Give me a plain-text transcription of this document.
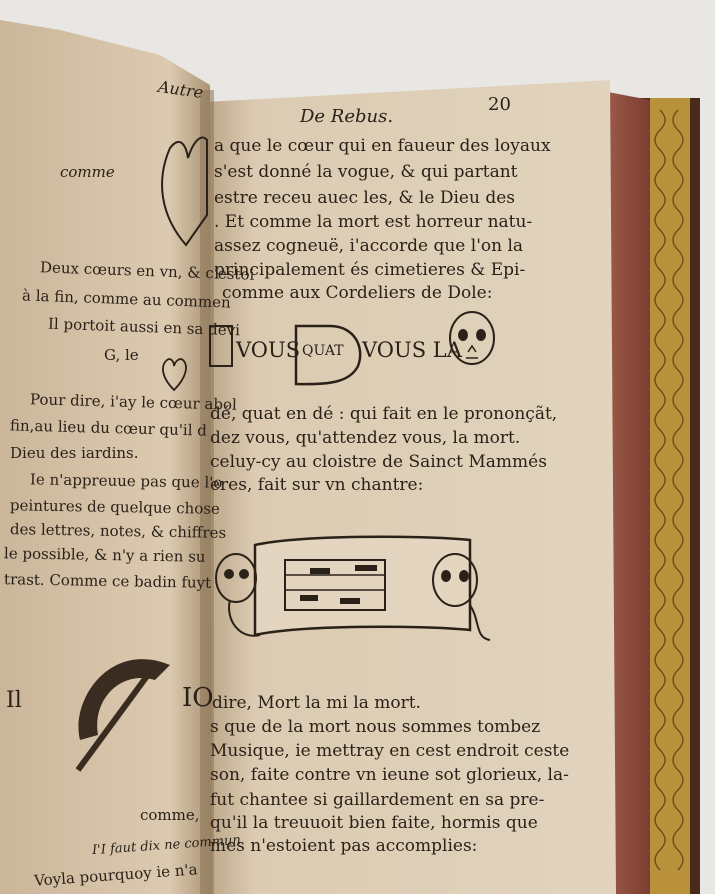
Autre
De Rebus.
20
comme
Deux cœurs en vn, & c'estoi
à la fin, comme au commen
Il portoit aussi en sa devi
G, le
Pour dire, i'ay le cœur abol
fin,au lieu du cœur qu'il d
Dieu des iardins.
Ie n'appreuue pas que l'o
peintures de quelque chose
des lettres, notes, & chiffres
le possible, & n'y a rien su
trast. Comme ce badin fuyt
Il	IO
comme,
I'I faut dix ne commun
Voyla pourquoy ie n'a
a que le cœur qui en faueur des loyaux
s'est donné la vogue, & qui partant
estre receu auec les, & le Dieu des
. Et comme la mort est horreur natu-
assez cogneuë, i'accorde que l'on la
principalement és cimetieres & Epi-
comme aux Cordeliers de Dole:
VOUS QUAT VOUS LA
dé, quat en dé : qui fait en le prononçãt,
dez vous, qu'attendez vous, la mort.
celuy-cy au cloistre de Sainct Mammés
eres, fait sur vn chantre:
dire, Mort la mi la mort.
s que de la mort nous sommes tombez
Musique, ie mettray en cest endroit ceste
son, faite contre vn ieune sot glorieux, la-
fut chantee si gaillardement en sa pre-
qu'il la treuuoit bien faite, hormis que
mes n'estoient pas accomplies:
